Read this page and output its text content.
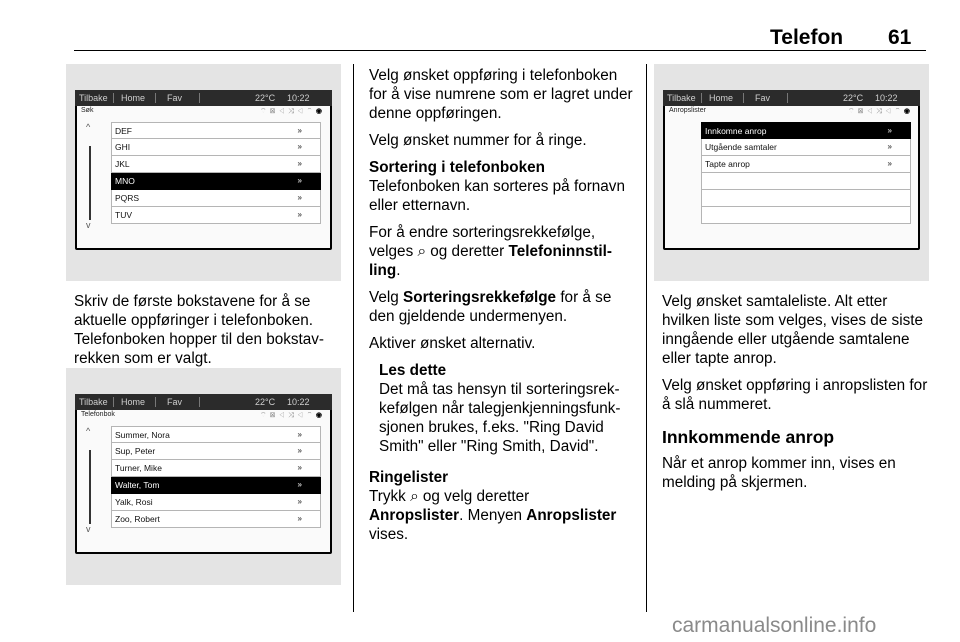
Telefon 61
Tilbake Home Fav	22°C 10:22
Søk	⌔⊠◁⤨◁⌒◉
^
v
DEF	»
GHI	»
JKL	»
MNO	»
PQRS	»
TUV	»
Tilbake Home Fav	22°C 10:22
Telefonbok	⌔⊠◁⤨◁⌒◉
^
v
Summer, Nora	»
Sup, Peter	»
Turner, Mike	»
Walter, Tom	»
Yalk, Rosi	»
Zoo, Robert	»
Tilbake Home Fav	22°C 10:22
Anropslister	⌔⊠◁⤨◁⌒◉
Innkomne anrop	»
Utgående samtaler	»
Tapte anrop	»

Skriv de første bokstavene for å se aktuelle oppføringer i telefonboken. Telefonboken hopper til den bokstavrekken som er valgt.

Velg ønsket oppføring i telefonboken for å vise numrene som er lagret under denne oppføringen.

Velg ønsket nummer for å ringe.

Sortering i telefonboken
Telefonboken kan sorteres på fornavn eller etternavn.

For å endre sorteringsrekkefølge, velges ⌕ og deretter Telefoninnstilling.

Velg Sorteringsrekkefølge for å se den gjeldende undermenyen.

Aktiver ønsket alternativ.

Les dette
Det må tas hensyn til sorteringsrekkefølgen når talegjenkjenningsfunksjonen brukes, f.eks. "Ring David Smith" eller "Ring Smith, David".

Ringelister
Trykk ⌕ og velg deretter
Anropslister. Menyen Anropslister vises.

Velg ønsket samtaleliste. Alt etter hvilken liste som velges, vises de siste inngående eller utgående samtalene eller tapte anrop.

Velg ønsket oppføring i anropslisten for å slå nummeret.

Innkommende anrop

Når et anrop kommer inn, vises en melding på skjermen.

carmanualsonline.info
